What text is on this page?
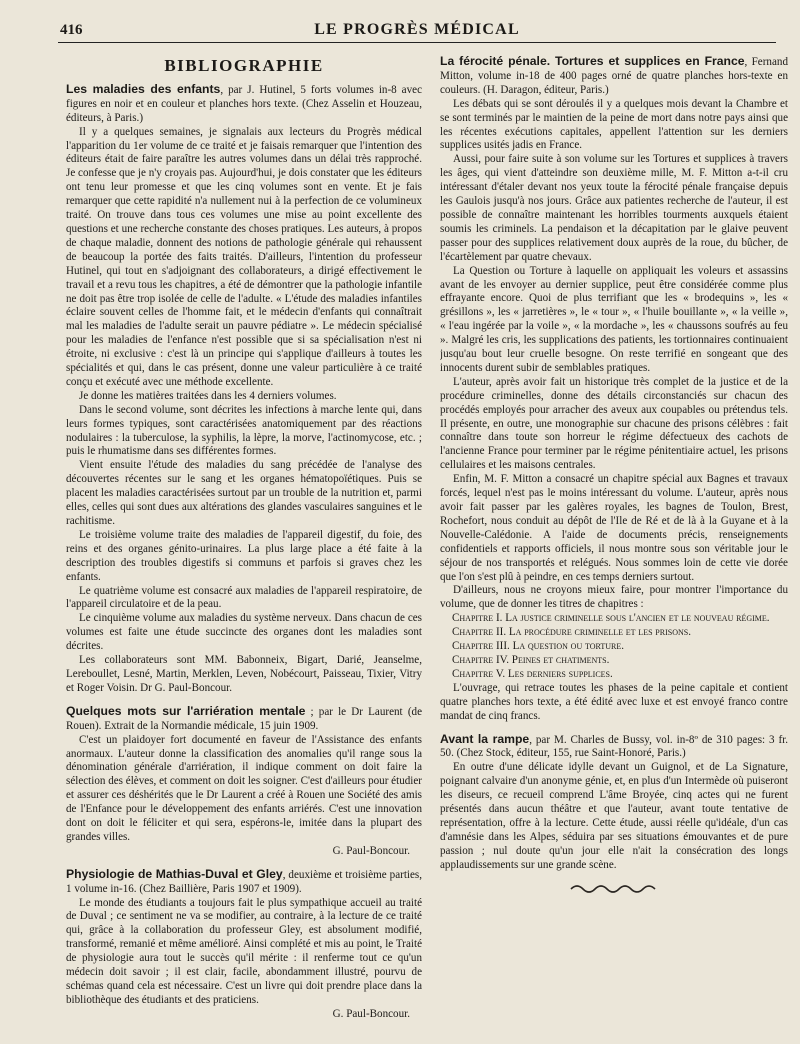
416	LE PROGRÈS MÉDICAL
BIBLIOGRAPHIE

Les maladies des enfants, par J. Hutinel, 5 forts volumes in-8 avec figures en noir et en couleur et planches hors texte. (Chez Asselin et Houzeau, éditeurs, à Paris.)

Il y a quelques semaines, je signalais aux lecteurs du Progrès médical l'apparition du 1er volume de ce traité et je faisais remarquer que l'intention des éditeurs était de faire paraître les autres volumes dans un délai très rapproché. Je confesse que je n'y croyais pas. Aujourd'hui, je dois constater que les éditeurs ont tenu leur promesse et que les cinq volumes sont en vente. Et je fais remarquer que cette rapidité n'a nullement nui à la perfection de ce volumineux traité. On trouve dans tous ces volumes une mise au point excellente des questions et une recherche constante des choses pratiques. Les auteurs, à propos de chaque maladie, donnent des notions de pathologie générale qui rehaussent de beaucoup la portée des faits traités. D'ailleurs, l'intention du professeur Hutinel, qui tout en s'adjoignant des collaborateurs, a dirigé effectivement le travail et a revu tous les chapitres, a été de démontrer que la pathologie infantile ne doit pas être trop isolée de celle de l'adulte. « L'étude des maladies infantiles éclaire souvent celles de l'homme fait, et le médecin d'enfants qui connaîtrait mal les maladies de l'adulte serait un pauvre pédiatre ». Le médecin spécialisé pour les maladies de l'enfance n'est possible que si sa spécialisation n'est ni étroite, ni exclusive : c'est là un principe qui s'applique d'ailleurs à toutes les spécialités et qui, dans le cas présent, donne une valeur particulière à ce traité conçu et exécuté avec une méthode excellente.

Je donne les matières traitées dans les 4 derniers volumes.

Dans le second volume, sont décrites les infections à marche lente qui, dans leurs formes typiques, sont caractérisées anatomiquement par des réactions nodulaires : la tuberculose, la syphilis, la lèpre, la morve, l'actinomycose, etc. ; puis le rhumatisme dans ses différentes formes.

Vient ensuite l'étude des maladies du sang précédée de l'analyse des découvertes récentes sur le sang et les organes hématopoïétiques. Puis se placent les maladies caractérisées surtout par un trouble de la nutrition et, parmi elles, celles qui sont dues aux altérations des glandes vasculaires sanguines et le rachitisme.

Le troisième volume traite des maladies de l'appareil digestif, du foie, des reins et des organes génito-urinaires. La plus large place a été faite à la description des troubles digestifs si communs et parfois si graves chez les enfants.

Le quatrième volume est consacré aux maladies de l'appareil respiratoire, de l'appareil circulatoire et de la peau.

Le cinquième volume aux maladies du système nerveux. Dans chacun de ces volumes est faite une étude succincte des organes dont les maladies sont décrites.

Les collaborateurs sont MM. Babonneix, Bigart, Darié, Jeanselme, Lereboullet, Lesné, Martin, Merklen, Leven, Nobécourt, Paisseau, Tixier, Vitry et Roger Voisin. Dr G. Paul-Boncour.

Quelques mots sur l'arriération mentale ; par le Dr Laurent (de Rouen). Extrait de la Normandie médicale, 15 juin 1909.

C'est un plaidoyer fort documenté en faveur de l'Assistance des enfants anormaux. L'auteur donne la classification des anomalies qu'il range sous la dénomination générale d'arriération, il indique comment on doit faire la sélection des élèves, et comment on doit les soigner. C'est d'ailleurs pour étudier et assurer ces déshérités que le Dr Laurent a créé à Rouen une Société des amis de l'Enfance pour le développement des enfants arriérés. C'est une innovation dont on doit le féliciter et qui sera, espérons-le, imitée dans la plupart des grandes villes.

G. Paul-Boncour.

Physiologie de Mathias-Duval et Gley, deuxième et troisième parties, 1 volume in-16. (Chez Baillière, Paris 1907 et 1909).

Le monde des étudiants a toujours fait le plus sympathique accueil au traité de Duval ; ce sentiment ne va se modifier, au contraire, à la lecture de ce traité qui, grâce à la collaboration du professeur Gley, est absolument modifié, transformé, remanié et même amélioré. Ainsi complété et mis au point, le Traité de physiologie aura tout le succès qu'il mérite : il renferme tout ce qu'un médecin doit savoir ; il est clair, facile, abondamment illustré, pourvu de schémas quand cela est nécessaire. C'est un livre qui doit prendre place dans la bibliothèque des étudiants et des praticiens.

G. Paul-Boncour.

La férocité pénale. Tortures et supplices en France, Fernand Mitton, volume in-18 de 400 pages orné de quatre planches hors-texte en couleurs. (H. Daragon, éditeur, Paris.)

Les débats qui se sont déroulés il y a quelques mois devant la Chambre et se sont terminés par le maintien de la peine de mort dans notre pays ainsi que les récentes exécutions capitales, appellent l'attention sur les derniers supplices usités jadis en France.

Aussi, pour faire suite à son volume sur les Tortures et supplices à travers les âges, qui vient d'atteindre son deuxième mille, M. F. Mitton a-t-il cru intéressant d'étaler devant nos yeux toute la férocité pénale française depuis les Gaulois jusqu'à nos jours. Grâce aux patientes recherche de l'auteur, il est possible de connaître maintenant les horribles tourments auxquels étaient soumis les criminels. La pendaison et la décapitation par le glaive peuvent passer pour des supplices relativement doux auprès de la roue, du bûcher, de l'écartèlement par quatre chevaux.

La Question ou Torture à laquelle on appliquait les voleurs et assassins avant de les envoyer au dernier supplice, peut être considérée comme plus effrayante encore. Quoi de plus terrifiant que les « brodequins », les « grésillons », les « jarretières », le « tour », « l'huile bouillante », « la veille », « l'eau ingérée par la voile », « la mordache », les « chaussons soufrés au feu ». Malgré les cris, les supplications des patients, les tortionnaires continuaient jusqu'au bout leur cruelle besogne. On reste terrifié en songeant que des innocents durent subir de semblables pratiques.

L'auteur, après avoir fait un historique très complet de la justice et de la procédure criminelles, donne des détails circonstanciés sur chacun des procédés employés pour arracher des aveux aux coupables ou prétendus tels. Il présente, en outre, une monographie sur chacune des prisons célèbres : fait connaître dans toute son horreur le régime défectueux des cachots de l'ancienne France pour terminer par le régime pénitentiaire actuel, les prisons cellulaires et les maisons centrales.

Enfin, M. F. Mitton a consacré un chapitre spécial aux Bagnes et travaux forcés, lequel n'est pas le moins intéressant du volume. L'auteur, après nous avoir fait passer par les galères royales, les bagnes de Toulon, Brest, Rochefort, nous conduit au dépôt de l'Ile de Ré et de là à la Guyane et à la Nouvelle-Calédonie. A l'aide de documents précis, renseignements confidentiels et rapports officiels, il nous montre sous son véritable jour le séjour de nos transportés et relégués. Nous sommes loin de cette vie dorée que l'on s'est plû à peindre, en ces temps derniers surtout.

D'ailleurs, nous ne croyons mieux faire, pour montrer l'importance du volume, que de donner les titres de chapitres :

Chapitre I. La justice criminelle sous l'ancien et le nouveau régime.
Chapitre II. La procédure criminelle et les prisons.
Chapitre III. La question ou torture.
Chapitre IV. Peines et chatiments.
Chapitre V. Les derniers supplices.

L'ouvrage, qui retrace toutes les phases de la peine capitale et contient quatre planches hors texte, a été édité avec luxe et est envoyé franco contre mandat de cinq francs.

Avant la rampe, par M. Charles de Bussy, vol. in-8º de 310 pages: 3 fr. 50. (Chez Stock, éditeur, 155, rue Saint-Honoré, Paris.)

En outre d'une délicate idylle devant un Guignol, et de La Signature, poignant calvaire d'un anonyme génie, et, en plus d'un Intermède où puiseront les diseurs, ce recueil comprend L'âme Broyée, cinq actes qui ne furent présentés dans aucun théâtre et que l'auteur, avant toute tentative de représentation, offre à la lecture. Cette étude, aussi réelle qu'idéale, d'un cas d'amnésie dans les Alpes, séduira par ses situations émouvantes et de pure passion ; nul doute qu'un jour elle n'ait la consécration des longs applaudissements sur une grande scène.
